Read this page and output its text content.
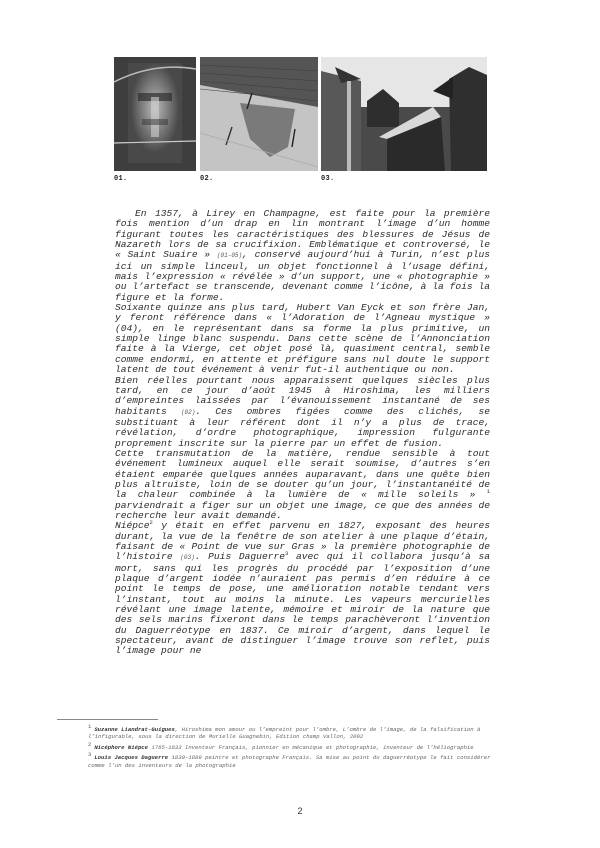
01.	02.	03.

En 1357, à Lirey en Champagne, est faite pour la première fois mention d’un drap en lin montrant l’image d’un homme figurant toutes les caractéristiques des blessures de Jésus de Nazareth lors de sa crucifixion. Emblématique et controversé, le « Saint Suaire » (01-05), conservé aujourd’hui à Turin, n’est plus ici un simple linceul, un objet fonctionnel à l’usage défini, mais l’expression « révélée » d’un support, une « photographie » ou l’artefact se transcende, devenant comme l’icône, à la fois la figure et la forme.

Soixante quinze ans plus tard, Hubert Van Eyck et son frère Jan, y feront référence dans « l’Adoration de l’Agneau mystique » (04), en le représentant dans sa forme la plus primitive, un simple linge blanc suspendu. Dans cette scène de l’Annonciation faite à la Vierge, cet objet posé là, quasiment central, semble comme endormi, en attente et préfigure sans nul doute le support latent de tout événement à venir fut-il authentique ou non.

Bien réelles pourtant nous apparaissent quelques siècles plus tard, en ce jour d’août 1945 à Hiroshima, les milliers d’empreintes laissées par l’évanouissement instantané de ses habitants (02). Ces ombres figées comme des clichés, se substituant à leur référent dont il n’y a plus de trace, révélation, d’ordre photographique, impression fulgurante proprement inscrite sur la pierre par un effet de fusion.

Cette transmutation de la matière, rendue sensible à tout événement lumineux auquel elle serait soumise, d’autres s’en étaient emparée quelques années auparavant, dans une quête bien plus altruiste, loin de se douter qu’un jour, l’instantanéité de la chaleur combinée à la lumière de « mille soleils » $^1$ parviendrait a figer sur un objet une image, ce que des années de recherche leur avait demandé.

Niépce$^2$ y était en effet parvenu en 1827, exposant des heures durant, la vue de la fenêtre de son atelier à une plaque d’étain, faisant de « Point de vue sur Gras » la première photographie de l’histoire (03). Puis Daguerre$^3$ avec qui il collabora jusqu’à sa mort, sans qui les progrès du procédé par l’exposition d’une plaque d’argent iodée n’auraient pas permis d’en réduire à ce point le temps de pose, une amélioration notable tendant vers l’instant, tout au moins la minute. Les vapeurs mercurielles révélant une image latente, mémoire et miroir de la nature que des sels marins fixeront dans le temps parachèveront l’invention du Daguerréotype en 1837. Ce miroir d’argent, dans lequel le spectateur, avant de distinguer l’image trouve son reflet, puis l’image pour ne

1 Suzanne Liandrat-Guigues, Hiroshima mon amour ou l’empreint pour l’ombre, L’ombre de l’image, de la falsification à l’infigurable, sous la direction de Murielle Guagnebin, Edition champ Vallon, 2002

2 Nicéphore Niépce 1765-1833 Inventeur Français, pionnier en mécanique et photographie, inventeur de l’héliographie

3 Louis Jacques Daguerre 1830-1889 peintre et photographe Français. Sa mise au point du daguerréotype le fait considérer comme l’un des inventeurs de la photographie

2
